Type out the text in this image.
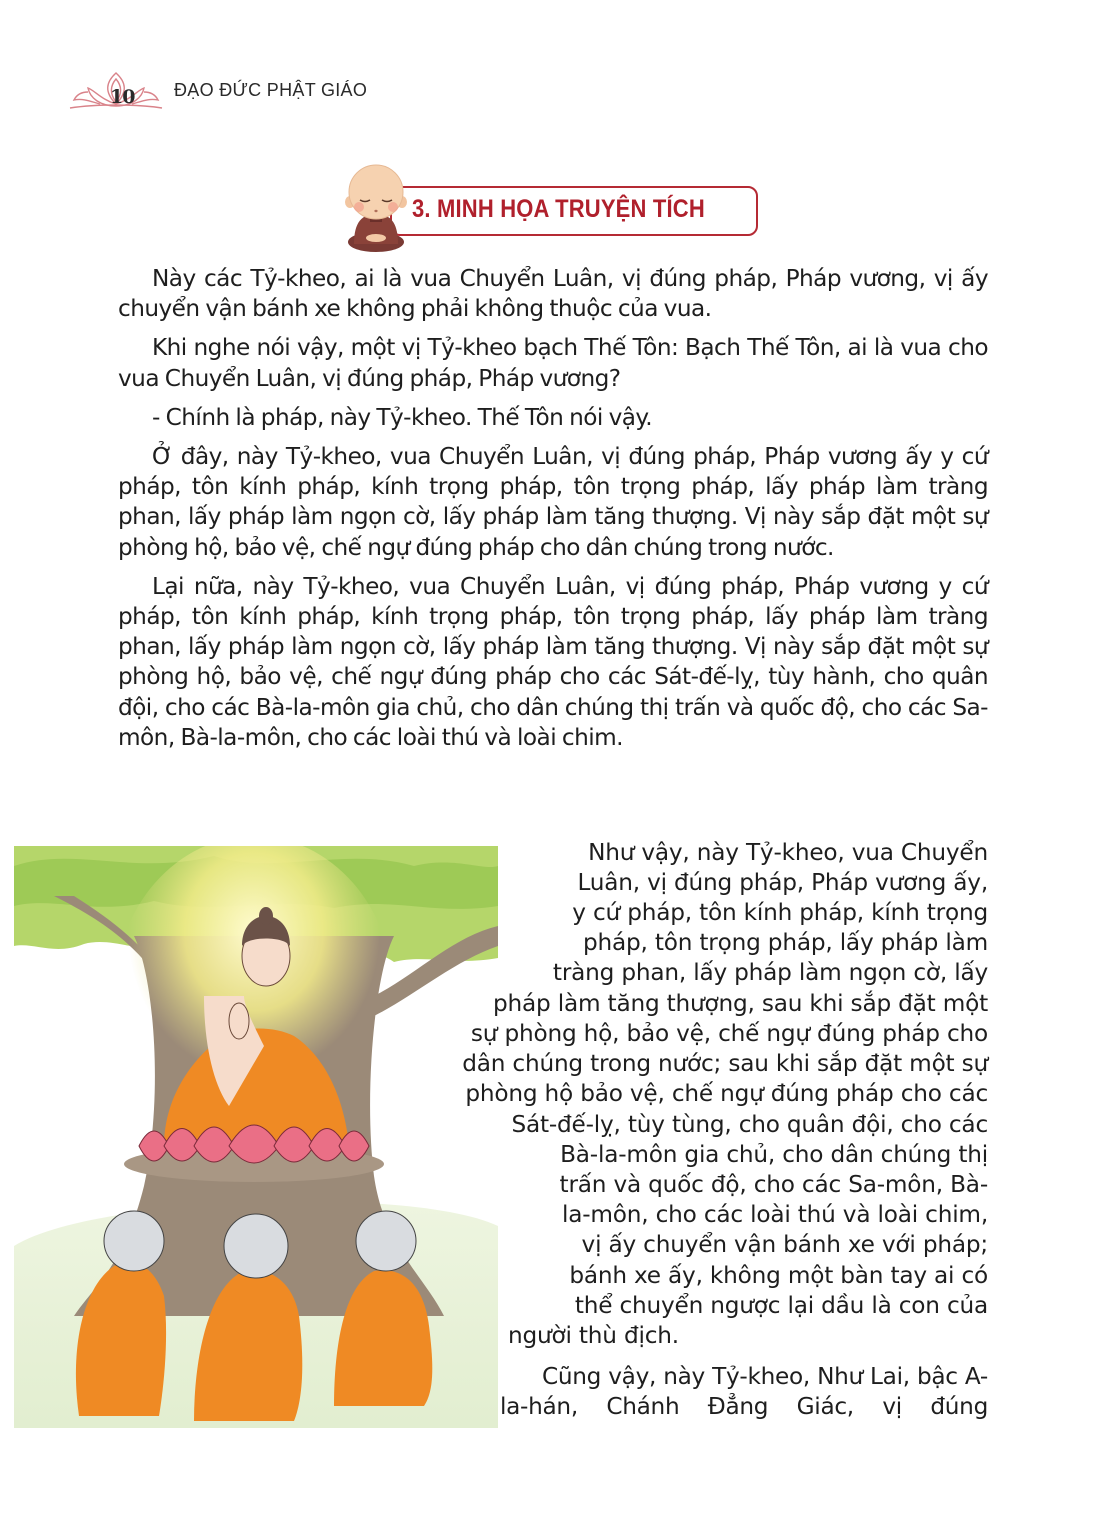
10 ĐẠO ĐỨC PHẬT GIÁO
3. MINH HỌA TRUYỆN TÍCH

Này các Tỷ-kheo, ai là vua Chuyển Luân, vị đúng pháp, Pháp vương, vị ấy chuyển vận bánh xe không phải không thuộc của vua.

Khi nghe nói vậy, một vị Tỷ-kheo bạch Thế Tôn: Bạch Thế Tôn, ai là vua cho vua Chuyển Luân, vị đúng pháp, Pháp vương?

- Chính là pháp, này Tỷ-kheo. Thế Tôn nói vậy.

Ở đây, này Tỷ-kheo, vua Chuyển Luân, vị đúng pháp, Pháp vương ấy y cứ pháp, tôn kính pháp, kính trọng pháp, tôn trọng pháp, lấy pháp làm tràng phan, lấy pháp làm ngọn cờ, lấy pháp làm tăng thượng. Vị này sắp đặt một sự phòng hộ, bảo vệ, chế ngự đúng pháp cho dân chúng trong nước.

Lại nữa, này Tỷ-kheo, vua Chuyển Luân, vị đúng pháp, Pháp vương y cứ pháp, tôn kính pháp, kính trọng pháp, tôn trọng pháp, lấy pháp làm tràng phan, lấy pháp làm ngọn cờ, lấy pháp làm tăng thượng. Vị này sắp đặt một sự phòng hộ, bảo vệ, chế ngự đúng pháp cho các Sát-đế-lỵ, tùy hành, cho quân đội, cho các Bà-la-môn gia chủ, cho dân chúng thị trấn và quốc độ, cho các Sa-môn, Bà-la-môn, cho các loài thú và loài chim.

Như vậy, này Tỷ-kheo, vua Chuyển
Luân, vị đúng pháp, Pháp vương ấy,
y cứ pháp, tôn kính pháp, kính trọng
pháp, tôn trọng pháp, lấy pháp làm
tràng phan, lấy pháp làm ngọn cờ, lấy
pháp làm tăng thượng, sau khi sắp đặt một
sự phòng hộ, bảo vệ, chế ngự đúng pháp cho
dân chúng trong nước; sau khi sắp đặt một sự
phòng hộ bảo vệ, chế ngự đúng pháp cho các
Sát-đế-lỵ, tùy tùng, cho quân đội, cho các
Bà-la-môn gia chủ, cho dân chúng thị
trấn và quốc độ, cho các Sa-môn, Bà-
la-môn, cho các loài thú và loài chim,
vị ấy chuyển vận bánh xe với pháp;
bánh xe ấy, không một bàn tay ai có
thể chuyển ngược lại dầu là con của
người thù địch.

Cũng vậy, này Tỷ-kheo, Như Lai, bậc A-la-hán, Chánh Đẳng Giác, vị đúng
